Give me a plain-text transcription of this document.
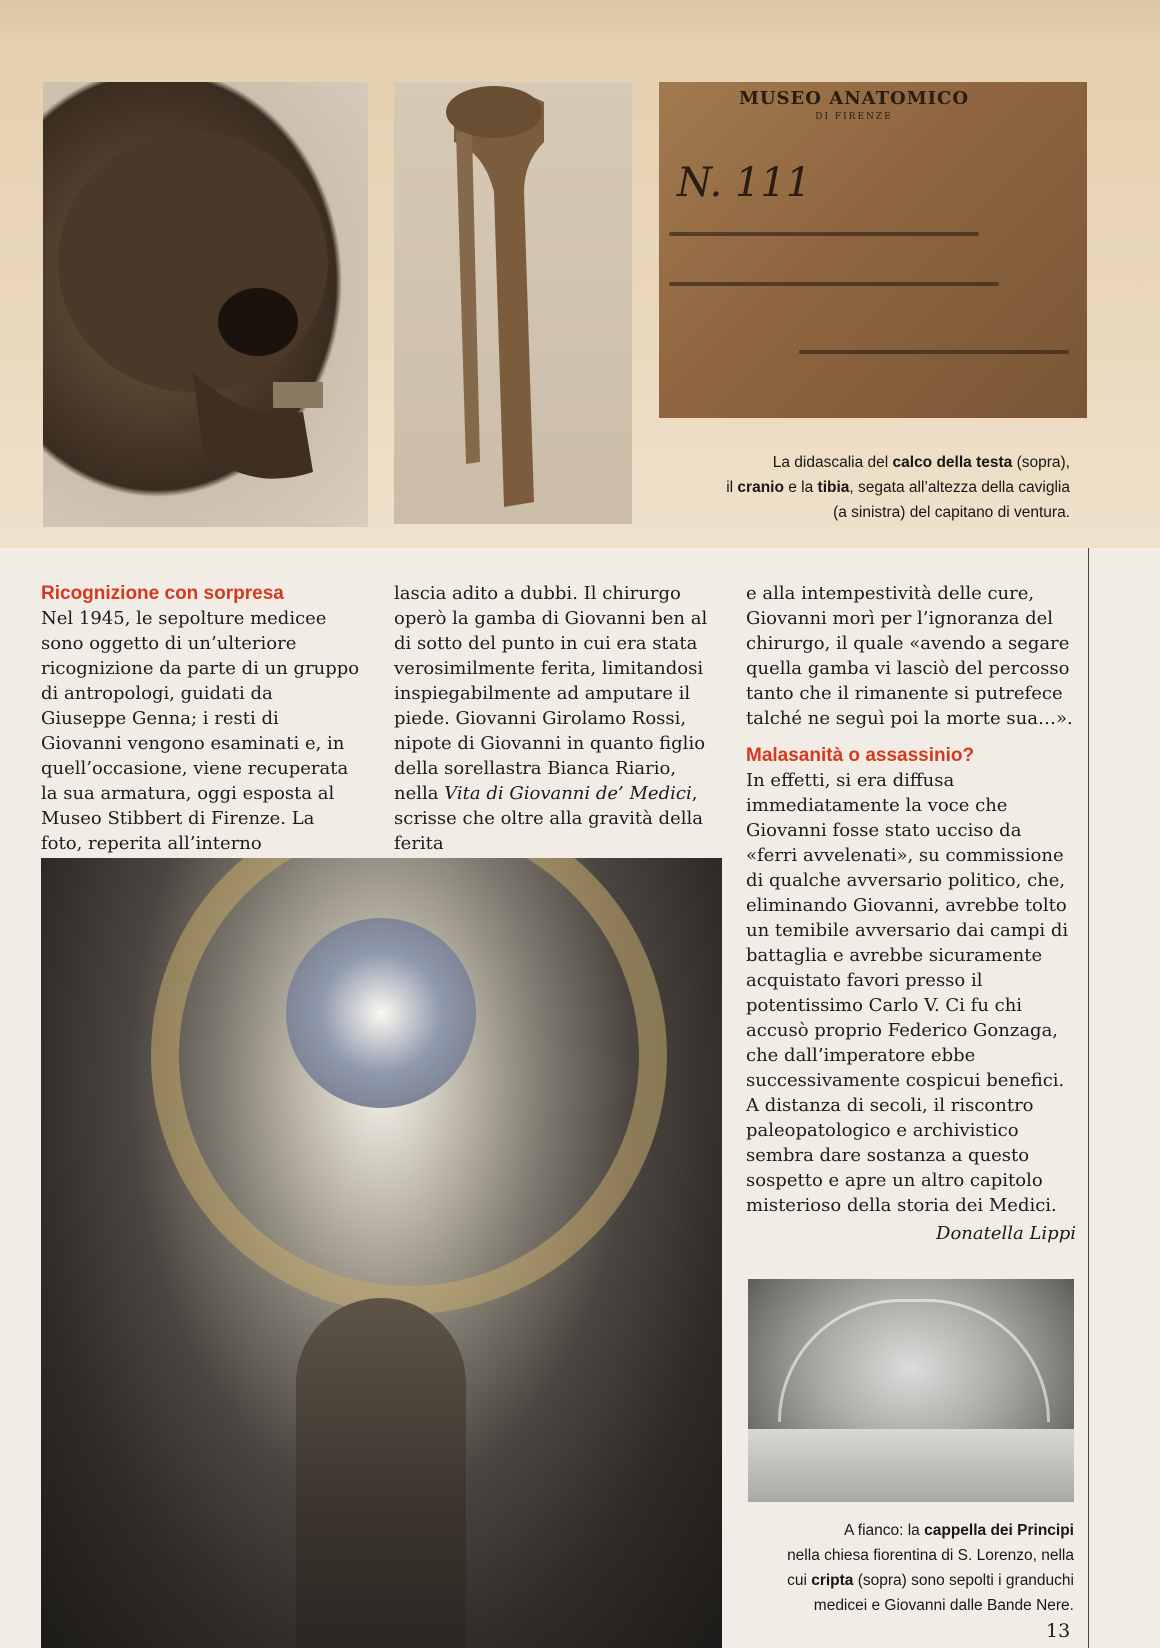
MUSEO ANATOMICO
DI FIRENZE
N. 111

La didascalia del calco della testa (sopra),
il cranio e la tibia, segata all’altezza della caviglia
(a sinistra) del capitano di ventura.

Ricognizione con sorpresa

Nel 1945, le sepolture medicee sono oggetto di un’ulteriore ricognizione da parte di un gruppo di antropologi, guidati da Giuseppe Genna; i resti di Giovanni vengono esaminati e, in quell’occasione, viene recuperata la sua armatura, oggi esposta al Museo Stibbert di Firenze. La foto, reperita all’interno

lascia adito a dubbi. Il chirurgo operò la gamba di Giovanni ben al di sotto del punto in cui era stata verosimilmente ferita, limitandosi inspiegabilmente ad amputare il piede. Giovanni Girolamo Rossi, nipote di Giovanni in quanto figlio della sorellastra Bianca Riario, nella Vita di Giovanni de’ Medici, scrisse che oltre alla gravità della ferita

e alla intempestività delle cure, Giovanni morì per l’ignoranza del chirurgo, il quale «avendo a segare quella gamba vi lasciò del percosso tanto che il rimanente si putrefece talché ne seguì poi la morte sua…».

Malasanità o assassinio?

In effetti, si era diffusa immediatamente la voce che Giovanni fosse stato ucciso da «ferri avvelenati», su commissione di qualche avversario politico, che, eliminando Giovanni, avrebbe tolto un temibile avversario dai campi di battaglia e avrebbe sicuramente acquistato favori presso il potentissimo Carlo V. Ci fu chi accusò proprio Federico Gonzaga, che dall’imperatore ebbe successivamente cospicui benefici. A distanza di secoli, il riscontro paleopatologico e archivistico sembra dare sostanza a questo sospetto e apre un altro capitolo misterioso della storia dei Medici.

Donatella Lippi

A fianco: la cappella dei Principi
nella chiesa fiorentina di S. Lorenzo, nella
cui cripta (sopra) sono sepolti i granduchi
medicei e Giovanni dalle Bande Nere.

13
